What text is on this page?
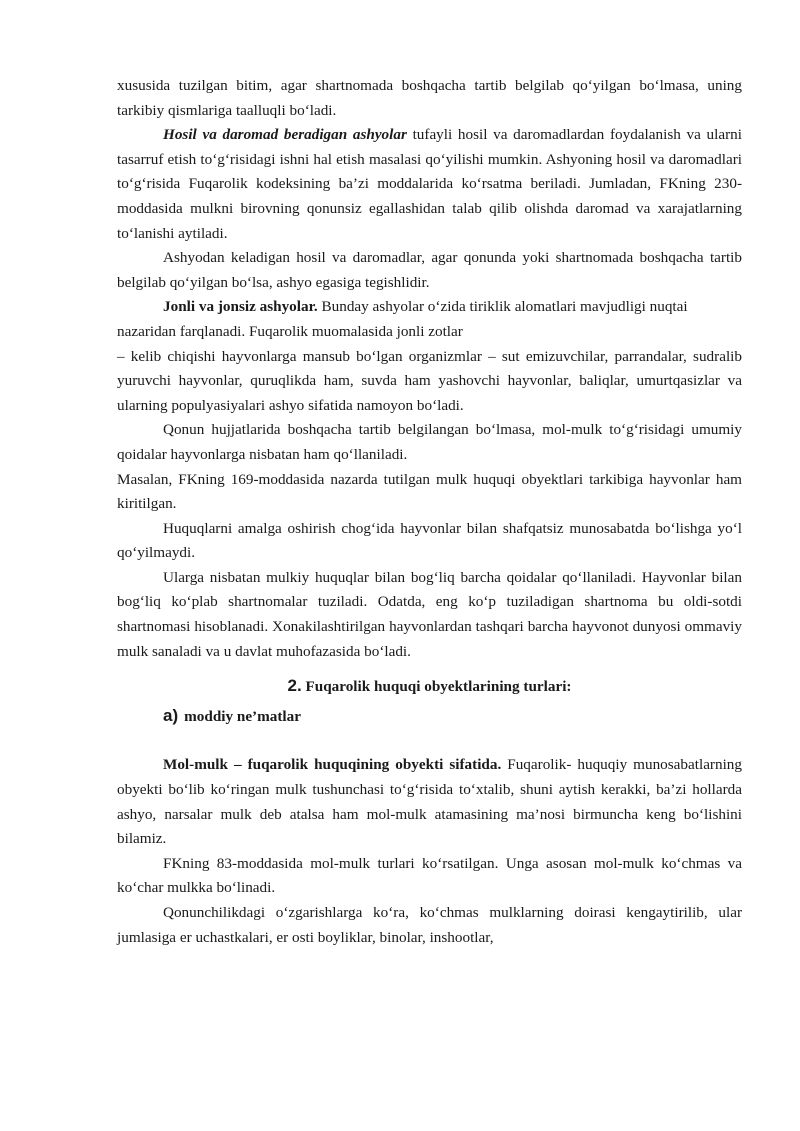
xususida tuzilgan bitim, agar shartnomada boshqacha tartib belgilab qo‘yilgan bo‘lmasa, uning tarkibiy qismlariga taalluqli bo‘ladi.

Hosil va daromad beradigan ashyolar tufayli hosil va daromadlardan foydalanish va ularni tasarruf etish to‘g‘risidagi ishni hal etish masalasi qo‘yilishi mumkin. Ashyoning hosil va daromadlari to‘g‘risida Fuqarolik kodeksining ba’zi moddalarida ko‘rsatma beriladi. Jumladan, FKning 230-moddasida mulkni birovning qonunsiz egallashidan talab qilib olishda daromad va xarajatlarning to‘lanishi aytiladi.

Ashyodan keladigan hosil va daromadlar, agar qonunda yoki shartnomada boshqacha tartib belgilab qo‘yilgan bo‘lsa, ashyo egasiga tegishlidir.

Jonli va jonsiz ashyolar. Bunday ashyolar o‘zida tiriklik alomatlari mavjudligi nuqtai nazaridan farqlanadi. Fuqarolik muomalasida jonli zotlar

– kelib chiqishi hayvonlarga mansub bo‘lgan organizmlar – sut emizuvchilar, parrandalar, sudralib yuruvchi hayvonlar, quruqlikda ham, suvda ham yashovchi hayvonlar, baliqlar, umurtqasizlar va ularning populyasiyalari ashyo sifatida namoyon bo‘ladi.

Qonun hujjatlarida boshqacha tartib belgilangan bo‘lmasa, mol-mulk to‘g‘risidagi umumiy qoidalar hayvonlarga nisbatan ham qo‘llaniladi.

Masalan, FKning 169-moddasida nazarda tutilgan mulk huquqi obyektlari tarkibiga hayvonlar ham kiritilgan.

Huquqlarni amalga oshirish chog‘ida hayvonlar bilan shafqatsiz munosabatda bo‘lishga yo‘l qo‘yilmaydi.

Ularga nisbatan mulkiy huquqlar bilan bog‘liq barcha qoidalar qo‘llaniladi. Hayvonlar bilan bog‘liq ko‘plab shartnomalar tuziladi. Odatda, eng ko‘p tuziladigan shartnoma bu oldi-sotdi shartnomasi hisoblanadi. Xonakilashtirilgan hayvonlardan tashqari barcha hayvonot dunyosi ommaviy mulk sanaladi va u davlat muhofazasida bo‘ladi.

2. Fuqarolik huquqi obyektlarining turlari:
a) moddiy ne’matlar

Mol-mulk – fuqarolik huquqining obyekti sifatida. Fuqarolik- huquqiy munosabatlarning obyekti bo‘lib ko‘ringan mulk tushunchasi to‘g‘risida to‘xtalib, shuni aytish kerakki, ba’zi hollarda ashyo, narsalar mulk deb atalsa ham mol-mulk atamasining ma’nosi birmuncha keng bo‘lishini bilamiz.

FKning 83-moddasida mol-mulk turlari ko‘rsatilgan. Unga asosan mol-mulk ko‘chmas va ko‘char mulkka bo‘linadi.

Qonunchilikdagi o‘zgarishlarga ko‘ra, ko‘chmas mulklarning doirasi kengaytirilib, ular jumlasiga er uchastkalari, er osti boyliklar, binolar, inshootlar,
